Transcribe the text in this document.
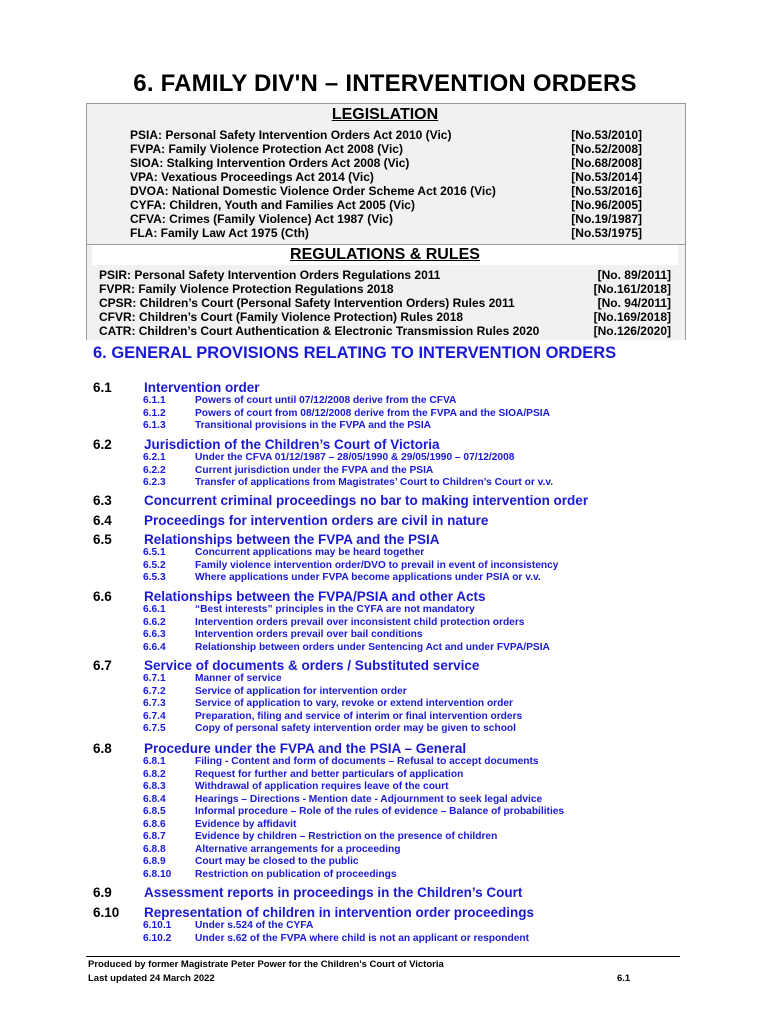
6. FAMILY DIV'N – INTERVENTION ORDERS
LEGISLATION
REGULATIONS & RULES
PSIA: Personal Safety Intervention Orders Act 2010 (Vic)	[No.53/2010]
FVPA: Family Violence Protection Act 2008 (Vic)	[No.52/2008]
SIOA: Stalking Intervention Orders Act 2008 (Vic)	[No.68/2008]
VPA: Vexatious Proceedings Act 2014 (Vic)	[No.53/2014]
DVOA: National Domestic Violence Order Scheme Act 2016 (Vic)	[No.53/2016]
CYFA: Children, Youth and Families Act 2005 (Vic)	[No.96/2005]
CFVA: Crimes (Family Violence) Act 1987 (Vic)	[No.19/1987]
FLA: Family Law Act 1975 (Cth)	[No.53/1975]
PSIR: Personal Safety Intervention Orders Regulations 2011	[No. 89/2011]
FVPR: Family Violence Protection Regulations 2018	[No.161/2018]
CPSR: Children’s Court (Personal Safety Intervention Orders) Rules 2011	[No. 94/2011]
CFVR: Children’s Court (Family Violence Protection) Rules 2018	[No.169/2018]
CATR: Children’s Court Authentication & Electronic Transmission Rules 2020	[No.126/2020]
6. GENERAL PROVISIONS RELATING TO INTERVENTION ORDERS
6.1 Intervention order
6.1.1	Powers of court until 07/12/2008 derive from the CFVA
6.1.2	Powers of court from 08/12/2008 derive from the FVPA and the SIOA/PSIA
6.1.3	Transitional provisions in the FVPA and the PSIA
6.2 Jurisdiction of the Children’s Court of Victoria
6.2.1	Under the CFVA 01/12/1987 – 28/05/1990 & 29/05/1990 – 07/12/2008
6.2.2	Current jurisdiction under the FVPA and the PSIA
6.2.3	Transfer of applications from Magistrates’ Court to Children’s Court or v.v.
6.3 Concurrent criminal proceedings no bar to making intervention order
6.4 Proceedings for intervention orders are civil in nature
6.5 Relationships between the FVPA and the PSIA
6.5.1	Concurrent applications may be heard together
6.5.2	Family violence intervention order/DVO to prevail in event of inconsistency
6.5.3	Where applications under FVPA become applications under PSIA or v.v.
6.6 Relationships between the FVPA/PSIA and other Acts
6.6.1	“Best interests” principles in the CYFA are not mandatory
6.6.2	Intervention orders prevail over inconsistent child protection orders
6.6.3	Intervention orders prevail over bail conditions
6.6.4	Relationship between orders under Sentencing Act and under FVPA/PSIA
6.7 Service of documents & orders / Substituted service
6.7.1	Manner of service
6.7.2	Service of application for intervention order
6.7.3	Service of application to vary, revoke or extend intervention order
6.7.4	Preparation, filing and service of interim or final intervention orders
6.7.5	Copy of personal safety intervention order may be given to school
6.8 Procedure under the FVPA and the PSIA – General
6.8.1	Filing - Content and form of documents – Refusal to accept documents
6.8.2	Request for further and better particulars of application
6.8.3	Withdrawal of application requires leave of the court
6.8.4	Hearings – Directions - Mention date - Adjournment to seek legal advice
6.8.5	Informal procedure – Role of the rules of evidence – Balance of probabilities
6.8.6	Evidence by affidavit
6.8.7	Evidence by children – Restriction on the presence of children
6.8.8	Alternative arrangements for a proceeding
6.8.9	Court may be closed to the public
6.8.10 Restriction on publication of proceedings
6.9 Assessment reports in proceedings in the Children’s Court
6.10 Representation of children in intervention order proceedings
6.10.1 Under s.524 of the CYFA
6.10.2 Under s.62 of the FVPA where child is not an applicant or respondent
Produced by former Magistrate Peter Power for the Children's Court of Victoria
Last updated 24 March 2022	6.1
